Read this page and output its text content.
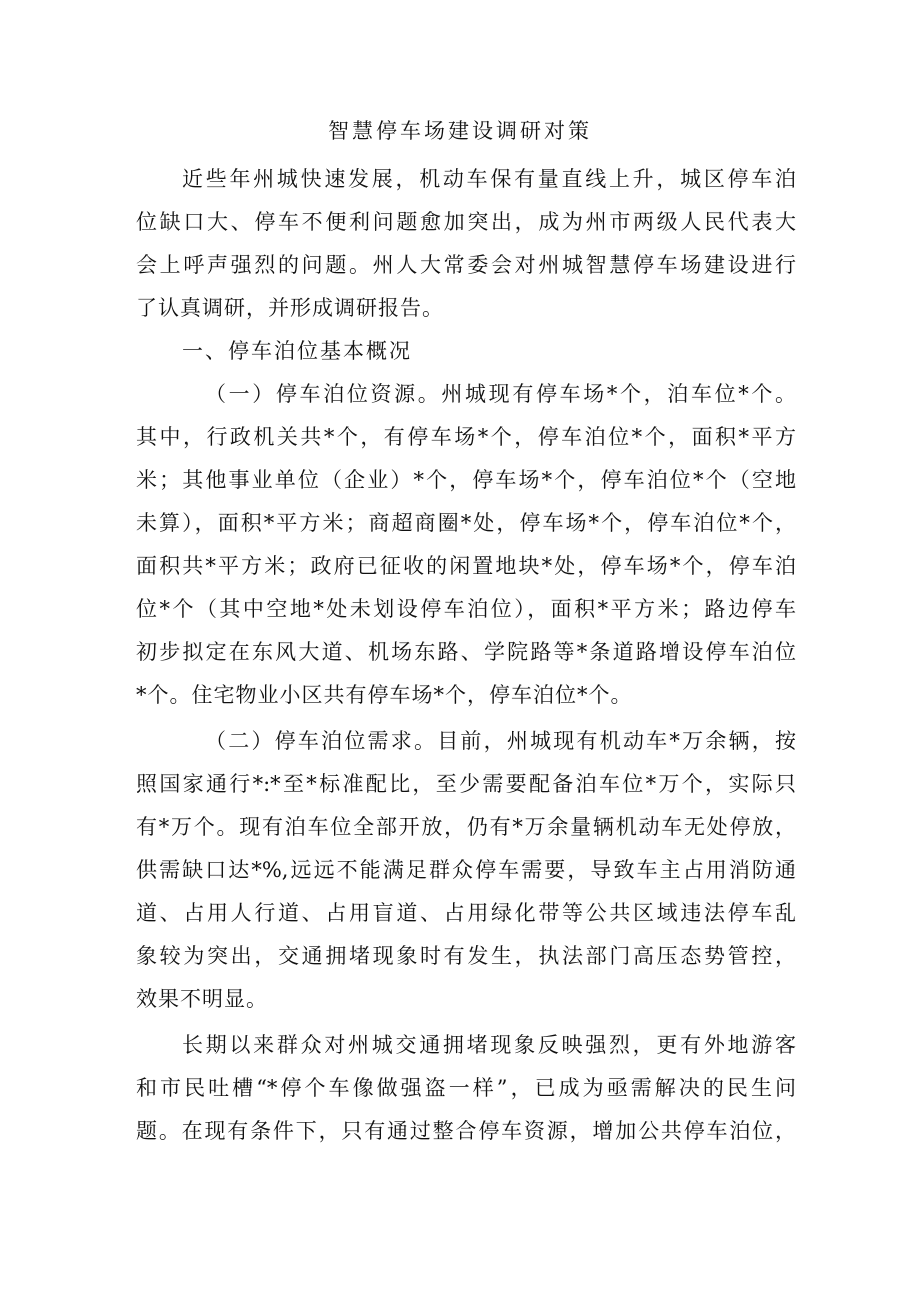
智慧停车场建设调研对策
近些年州城快速发展，机动车保有量直线上升，城区停车泊
位缺口大、停车不便利问题愈加突出，成为州市两级人民代表大
会上呼声强烈的问题。州人大常委会对州城智慧停车场建设进行
了认真调研，并形成调研报告。
一、停车泊位基本概况
（一）停车泊位资源。州城现有停车场*个，泊车位*个。
其中，行政机关共*个，有停车场*个，停车泊位*个，面积*平方
米；其他事业单位（企业）*个，停车场*个，停车泊位*个（空地
未算），面积*平方米；商超商圈*处，停车场*个，停车泊位*个，
面积共*平方米；政府已征收的闲置地块*处，停车场*个，停车泊
位*个（其中空地*处未划设停车泊位），面积*平方米；路边停车
初步拟定在东风大道、机场东路、学院路等*条道路增设停车泊位
*个。住宅物业小区共有停车场*个，停车泊位*个。
（二）停车泊位需求。目前，州城现有机动车*万余辆，按
照国家通行*:*至*标准配比，至少需要配备泊车位*万个，实际只
有*万个。现有泊车位全部开放，仍有*万余量辆机动车无处停放，
供需缺口达*%,远远不能满足群众停车需要，导致车主占用消防通
道、占用人行道、占用盲道、占用绿化带等公共区域违法停车乱
象较为突出，交通拥堵现象时有发生，执法部门高压态势管控，
效果不明显。
长期以来群众对州城交通拥堵现象反映强烈，更有外地游客
和市民吐槽“*停个车像做强盗一样”，已成为亟需解决的民生问
题。在现有条件下，只有通过整合停车资源，增加公共停车泊位，
